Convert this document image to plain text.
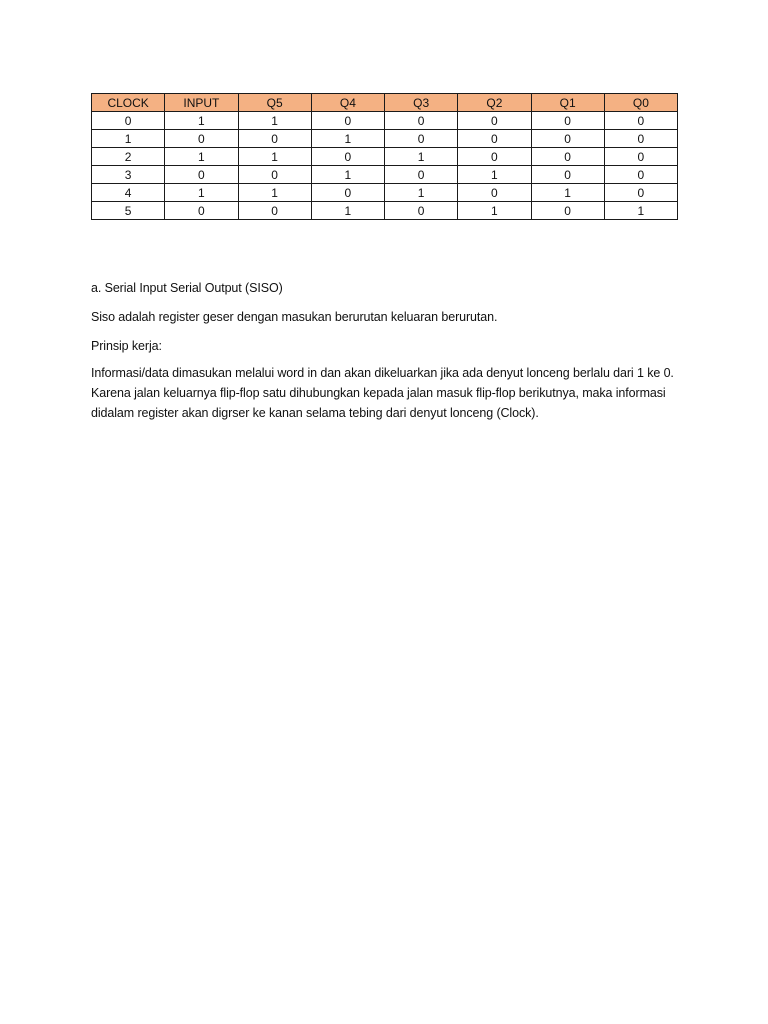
CLOCK	INPUT	Q5	Q4	Q3	Q2	Q1	Q0
0	1	1	0	0	0	0	0
1	0	0	1	0	0	0	0
2	1	1	0	1	0	0	0
3	0	0	1	0	1	0	0
4	1	1	0	1	0	1	0
5	0	0	1	0	1	0	1
a. Serial Input Serial Output (SISO)
Siso adalah register geser dengan masukan berurutan keluaran berurutan.
Prinsip kerja:
Informasi/data dimasukan melalui word in dan akan dikeluarkan jika ada denyut lonceng berlalu dari 1 ke 0. Karena jalan keluarnya flip-flop satu dihubungkan kepada jalan masuk flip-flop berikutnya, maka informasi didalam register akan digrser ke kanan selama tebing dari denyut lonceng (Clock).
